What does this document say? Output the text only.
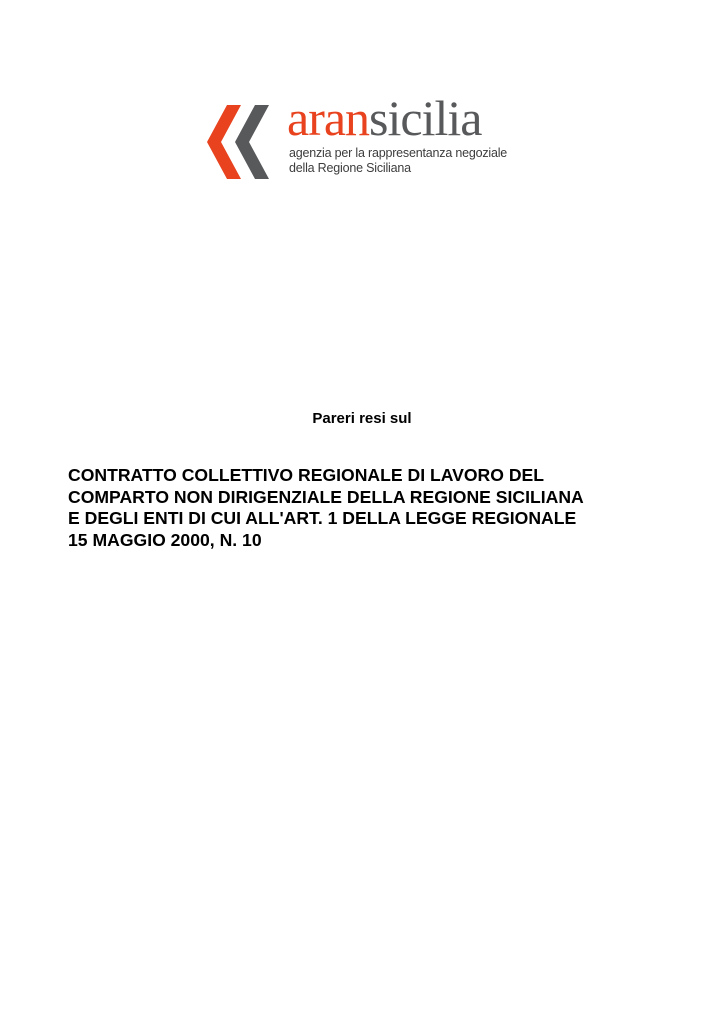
aransicilia
agenzia per la rappresentanza negoziale
della Regione Siciliana
Pareri resi sul
CONTRATTO COLLETTIVO REGIONALE DI LAVORO DEL
COMPARTO NON DIRIGENZIALE DELLA REGIONE SICILIANA
E DEGLI ENTI DI CUI ALL'ART. 1 DELLA LEGGE REGIONALE
15 MAGGIO 2000, N. 10
